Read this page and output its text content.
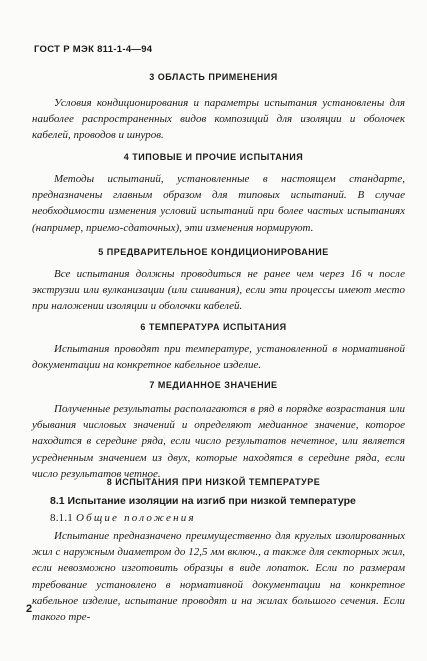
ГОСТ Р МЭК 811-1-4—94
3 ОБЛАСТЬ ПРИМЕНЕНИЯ
Условия кондиционирования и параметры испытания установлены для наиболее распространенных видов композиций для изоляции и оболочек кабелей, проводов и шнуров.
4 ТИПОВЫЕ И ПРОЧИЕ ИСПЫТАНИЯ
Методы испытаний, установленные в настоящем стандарте, предназначены главным образом для типовых испытаний. В случае необходимости изменения условий испытаний при более частых испытаниях (например, приемо-сдаточных), эти изменения нормируют.
5 ПРЕДВАРИТЕЛЬНОЕ КОНДИЦИОНИРОВАНИЕ
Все испытания должны проводиться не ранее чем через 16 ч после экструзии или вулканизации (или сшивания), если эти процессы имеют место при наложении изоляции и оболочки кабелей.
6 ТЕМПЕРАТУРА ИСПЫТАНИЯ
Испытания проводят при температуре, установленной в нормативной документации на конкретное кабельное изделие.
7 МЕДИАННОЕ ЗНАЧЕНИЕ
Полученные результаты располагаются в ряд в порядке возрастания или убывания числовых значений и определяют медианное значение, которое находится в середине ряда, если число результатов нечетное, или является усредненным значением из двух, которые находятся в середине ряда, если число результатов четное.
8 ИСПЫТАНИЯ ПРИ НИЗКОЙ ТЕМПЕРАТУРЕ
8.1 Испытание изоляции на изгиб при низкой температуре
8.1.1 Общие положения
Испытание предназначено преимущественно для круглых изолированных жил с наружным диаметром до 12,5 мм включ., а также для секторных жил, если невозможно изготовить образцы в виде лопаток. Если по размерам требование установлено в нормативной документации на конкретное кабельное изделие, испытание проводят и на жилах большого сечения. Если такого тре-
2
